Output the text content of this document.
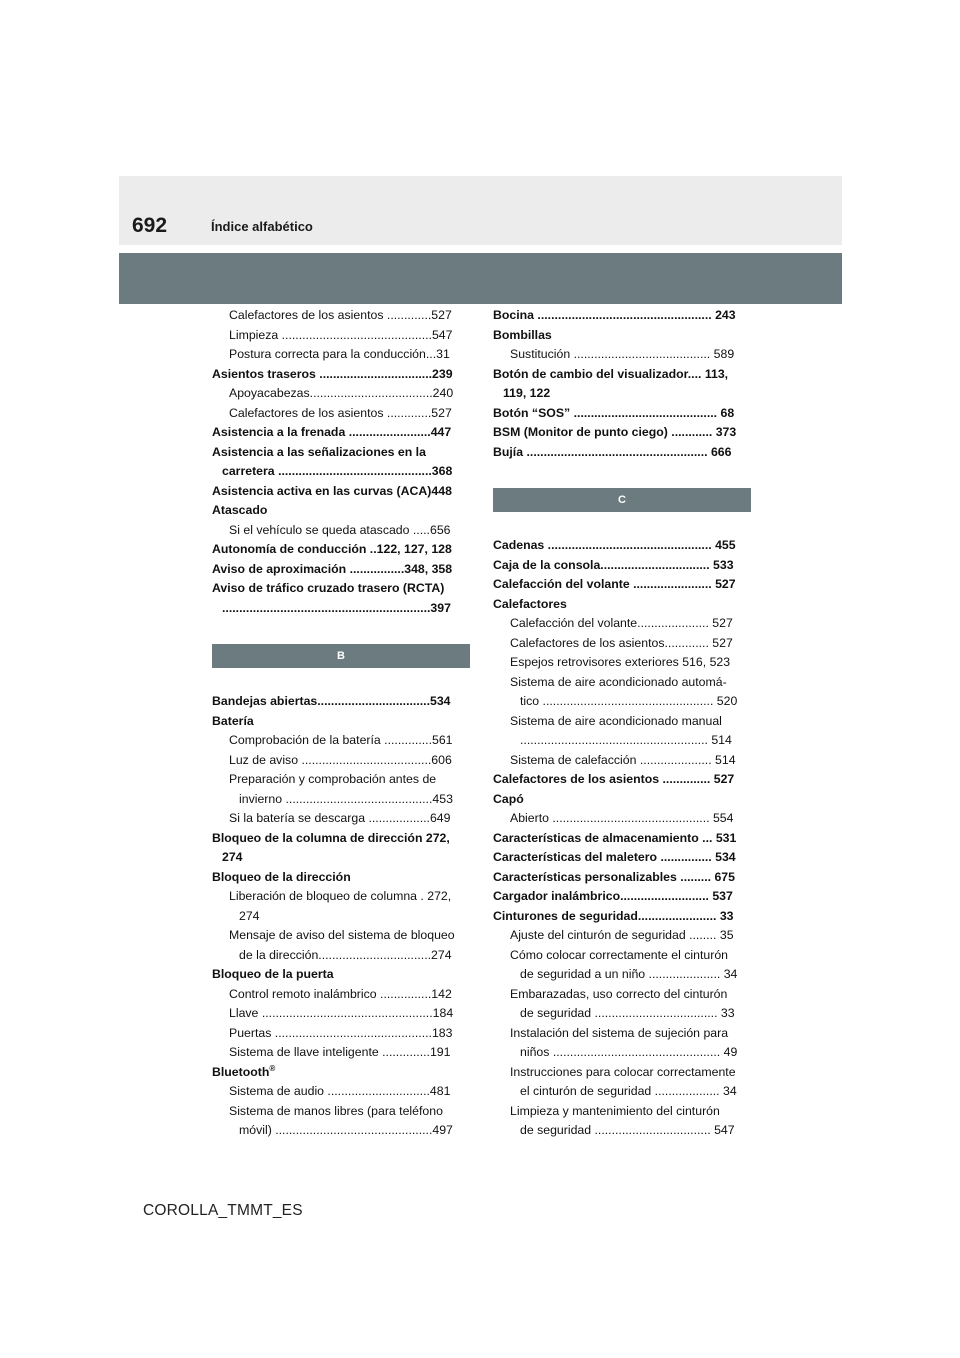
692	Índice alfabético
Calefactores de los asientos .............527
Limpieza ............................................547
Postura correcta para la conducción...31
Asientos traseros .................................239
Apoyacabezas....................................240
Calefactores de los asientos .............527
Asistencia a la frenada ........................447
Asistencia a las señalizaciones en la
carretera .............................................368
Asistencia activa en las curvas (ACA)448
Atascado
Si el vehículo se queda atascado .....656
Autonomía de conducción ..122, 127, 128
Aviso de aproximación ................348, 358
Aviso de tráfico cruzado trasero (RCTA)
.............................................................397
B
Bandejas abiertas.................................534
Batería
Comprobación de la batería ..............561
Luz de aviso ......................................606
Preparación y comprobación antes de
invierno ...........................................453
Si la batería se descarga ..................649
Bloqueo de la columna de dirección 272,
274
Bloqueo de la dirección
Liberación de bloqueo de columna . 272,
274
Mensaje de aviso del sistema de bloqueo
de la dirección.................................274
Bloqueo de la puerta
Control remoto inalámbrico ...............142
Llave ..................................................184
Puertas ..............................................183
Sistema de llave inteligente ..............191
Bluetooth®
Sistema de audio ..............................481
Sistema de manos libres (para teléfono
móvil) ..............................................497
Bocina ................................................... 243
Bombillas
Sustitución ........................................ 589
Botón de cambio del visualizador.... 113,
119, 122
Botón “SOS” .......................................... 68
BSM (Monitor de punto ciego) ............ 373
Bujía ..................................................... 666
C
Cadenas ................................................ 455
Caja de la consola................................ 533
Calefacción del volante ....................... 527
Calefactores
Calefacción del volante..................... 527
Calefactores de los asientos............. 527
Espejos retrovisores exteriores 516, 523
Sistema de aire acondicionado automá-
tico .................................................. 520
Sistema de aire acondicionado manual
....................................................... 514
Sistema de calefacción ..................... 514
Calefactores de los asientos .............. 527
Capó
Abierto .............................................. 554
Características de almacenamiento ... 531
Características del maletero ............... 534
Características personalizables ......... 675
Cargador inalámbrico.......................... 537
Cinturones de seguridad....................... 33
Ajuste del cinturón de seguridad ........ 35
Cómo colocar correctamente el cinturón
de seguridad a un niño ..................... 34
Embarazadas, uso correcto del cinturón
de seguridad .................................... 33
Instalación del sistema de sujeción para
niños ................................................. 49
Instrucciones para colocar correctamente
el cinturón de seguridad ................... 34
Limpieza y mantenimiento del cinturón
de seguridad .................................. 547
COROLLA_TMMT_ES
